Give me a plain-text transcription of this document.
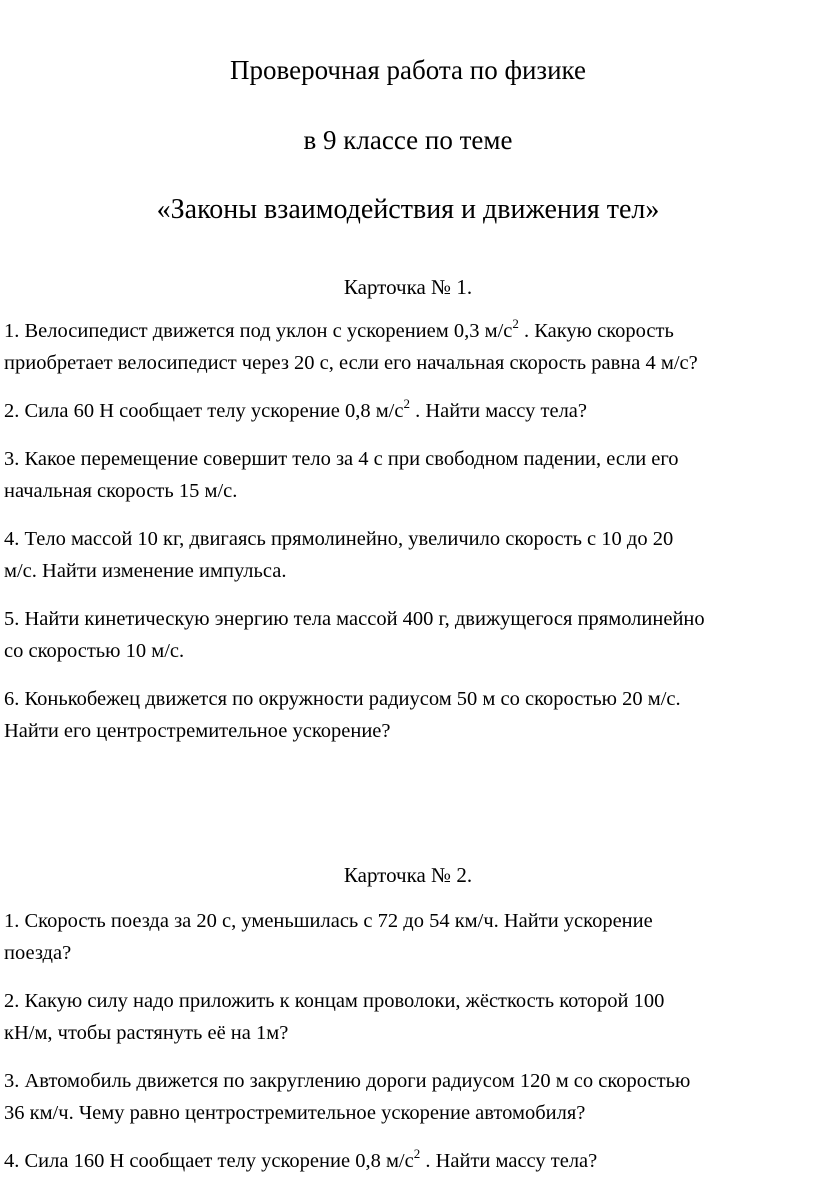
Проверочная работа по физике
в 9 классе по теме
«Законы взаимодействия и движения тел»
Карточка № 1.
1. Велосипедист движется под уклон с ускорением 0,3 $м/с^2$ . Какую скорость
приобретает велосипедист через 20 с, если его начальная скорость равна 4 м/с?
2. Сила 60 Н сообщает телу ускорение 0,8 $м/с^2$ . Найти массу тела?
3. Какое перемещение совершит тело за 4 с при свободном падении, если его
начальная скорость 15 м/с.
4. Тело массой 10 кг, двигаясь прямолинейно, увеличило скорость с 10 до 20
м/с. Найти изменение импульса.
5. Найти кинетическую энергию тела массой 400 г, движущегося прямолинейно
со скоростью 10 м/с.
6. Конькобежец движется по окружности радиусом 50 м со скоростью 20 м/с.
Найти его центростремительное ускорение?
Карточка № 2.
1. Скорость поезда за 20 с, уменьшилась с 72 до 54 км/ч. Найти ускорение
поезда?
2. Какую силу надо приложить к концам проволоки, жёсткость которой 100
кН/м, чтобы растянуть её на 1м?
3. Автомобиль движется по закруглению дороги радиусом 120 м со скоростью
36 км/ч. Чему равно центростремительное ускорение автомобиля?
4. Сила 160 Н сообщает телу ускорение 0,8 $м/с^2$ . Найти массу тела?
